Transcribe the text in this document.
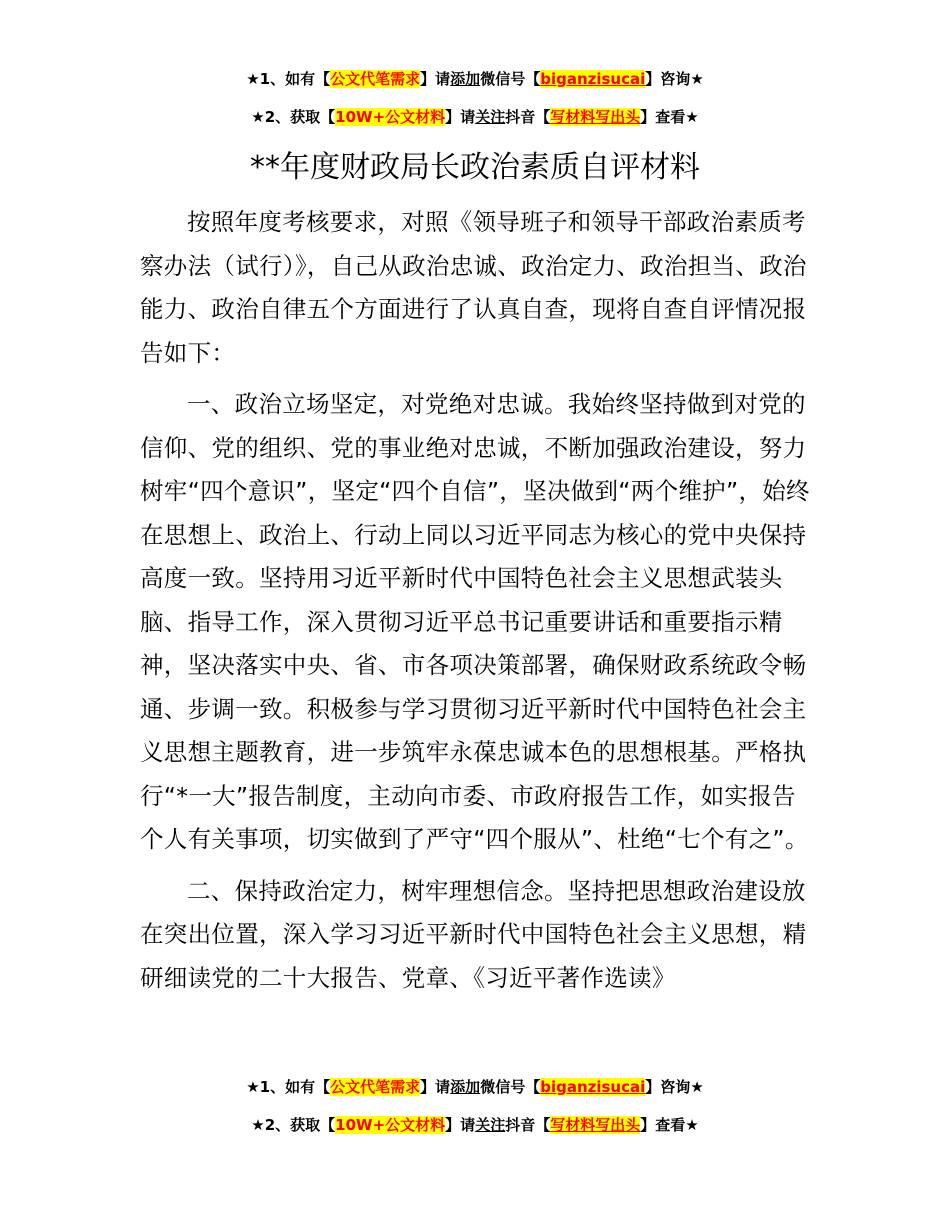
★1、如有【公文代笔需求】请添加微信号【biganzisucai】咨询★
★2、获取【10W+公文材料】请关注抖音【写材料写出头】查看★
**年度财政局长政治素质自评材料

按照年度考核要求，对照《领导班子和领导干部政治素质考察办法（试行）》，自己从政治忠诚、政治定力、政治担当、政治能力、政治自律五个方面进行了认真自查，现将自查自评情况报告如下：

一、政治立场坚定，对党绝对忠诚。我始终坚持做到对党的信仰、党的组织、党的事业绝对忠诚，不断加强政治建设，努力树牢“四个意识”，坚定“四个自信”，坚决做到“两个维护”，始终在思想上、政治上、行动上同以习近平同志为核心的党中央保持高度一致。坚持用习近平新时代中国特色社会主义思想武装头脑、指导工作，深入贯彻习近平总书记重要讲话和重要指示精神，坚决落实中央、省、市各项决策部署，确保财政系统政令畅通、步调一致。积极参与学习贯彻习近平新时代中国特色社会主义思想主题教育，进一步筑牢永葆忠诚本色的思想根基。严格执行“*一大”报告制度，主动向市委、市政府报告工作，如实报告个人有关事项，切实做到了严守“四个服从”、杜绝“七个有之”。

二、保持政治定力，树牢理想信念。坚持把思想政治建设放在突出位置，深入学习习近平新时代中国特色社会主义思想，精研细读党的二十大报告、党章、《习近平著作选读》

★1、如有【公文代笔需求】请添加微信号【biganzisucai】咨询★
★2、获取【10W+公文材料】请关注抖音【写材料写出头】查看★
